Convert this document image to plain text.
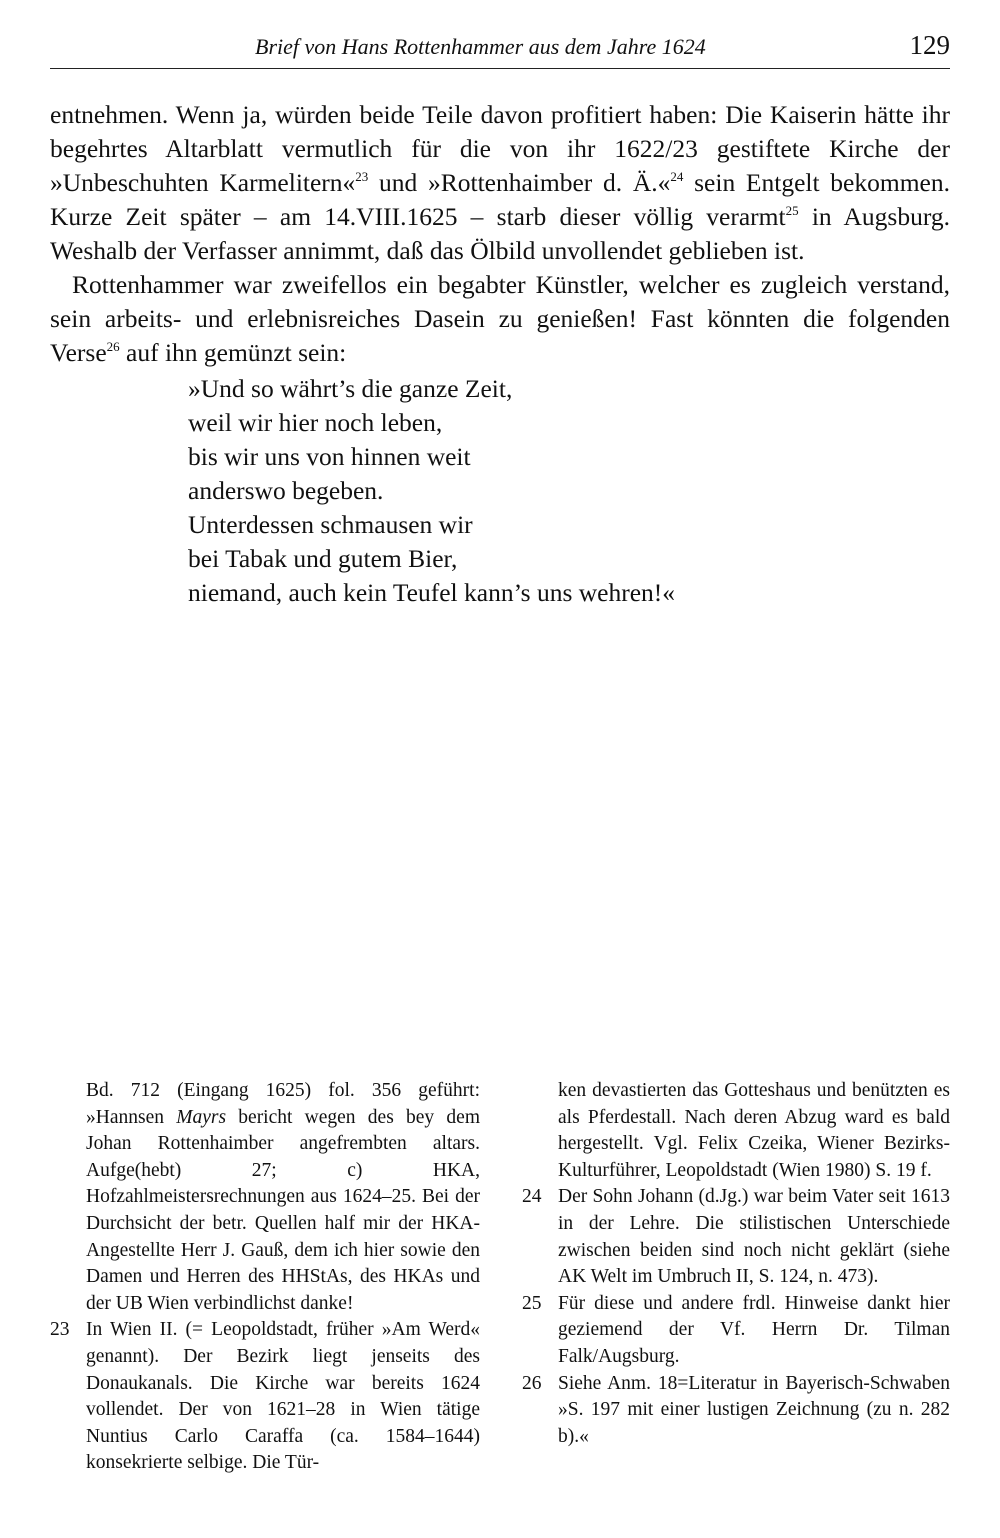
Brief von Hans Rottenhammer aus dem Jahre 1624	129

entnehmen. Wenn ja, würden beide Teile davon profitiert haben: Die Kaiserin hätte ihr begehrtes Altarblatt vermutlich für die von ihr 1622/23 gestiftete Kirche der »Unbeschuhten Karmelitern«$^{23}$ und »Rottenhaimber d. Ä.«$^{24}$ sein Entgelt bekommen. Kurze Zeit später – am 14.VIII.1625 – starb dieser völlig verarmt$^{25}$ in Augsburg. Weshalb der Verfasser annimmt, daß das Ölbild unvollendet geblieben ist.

Rottenhammer war zweifellos ein begabter Künstler, welcher es zugleich verstand, sein arbeits- und erlebnisreiches Dasein zu genießen! Fast könnten die folgenden Verse$^{26}$ auf ihn gemünzt sein:

»Und so währt’s die ganze Zeit,
weil wir hier noch leben,
bis wir uns von hinnen weit
anderswo begeben.
Unterdessen schmausen wir
bei Tabak und gutem Bier,
niemand, auch kein Teufel kann’s uns wehren!«
Bd. 712 (Eingang 1625) fol. 356 geführt: »Hannsen Mayrs bericht wegen des bey dem Johan Rottenhaimber angefrembten altars. Aufge(hebt) 27; c) HKA, Hofzahlmeistersrechnungen aus 1624–25. Bei der Durchsicht der betr. Quellen half mir der HKA-Angestellte Herr J. Gauß, dem ich hier sowie den Damen und Herren des HHStAs, des HKAs und der UB Wien verbindlichst danke!
23 In Wien II. (= Leopoldstadt, früher »Am Werd« genannt). Der Bezirk liegt jenseits des Donaukanals. Die Kirche war bereits 1624 vollendet. Der von 1621–28 in Wien tätige Nuntius Carlo Caraffa (ca. 1584–1644) konsekrierte selbige. Die Tür-
ken devastierten das Gotteshaus und benützten es als Pferdestall. Nach deren Abzug ward es bald hergestellt. Vgl. Felix Czeika, Wiener Bezirks-Kulturführer, Leopoldstadt (Wien 1980) S. 19 f.
24 Der Sohn Johann (d.Jg.) war beim Vater seit 1613 in der Lehre. Die stilistischen Unterschiede zwischen beiden sind noch nicht geklärt (siehe AK Welt im Umbruch II, S. 124, n. 473).
25 Für diese und andere frdl. Hinweise dankt hier geziemend der Vf. Herrn Dr. Tilman Falk/Augsburg.
26 Siehe Anm. 18=Literatur in Bayerisch-Schwaben »S. 197 mit einer lustigen Zeichnung (zu n. 282 b).«
